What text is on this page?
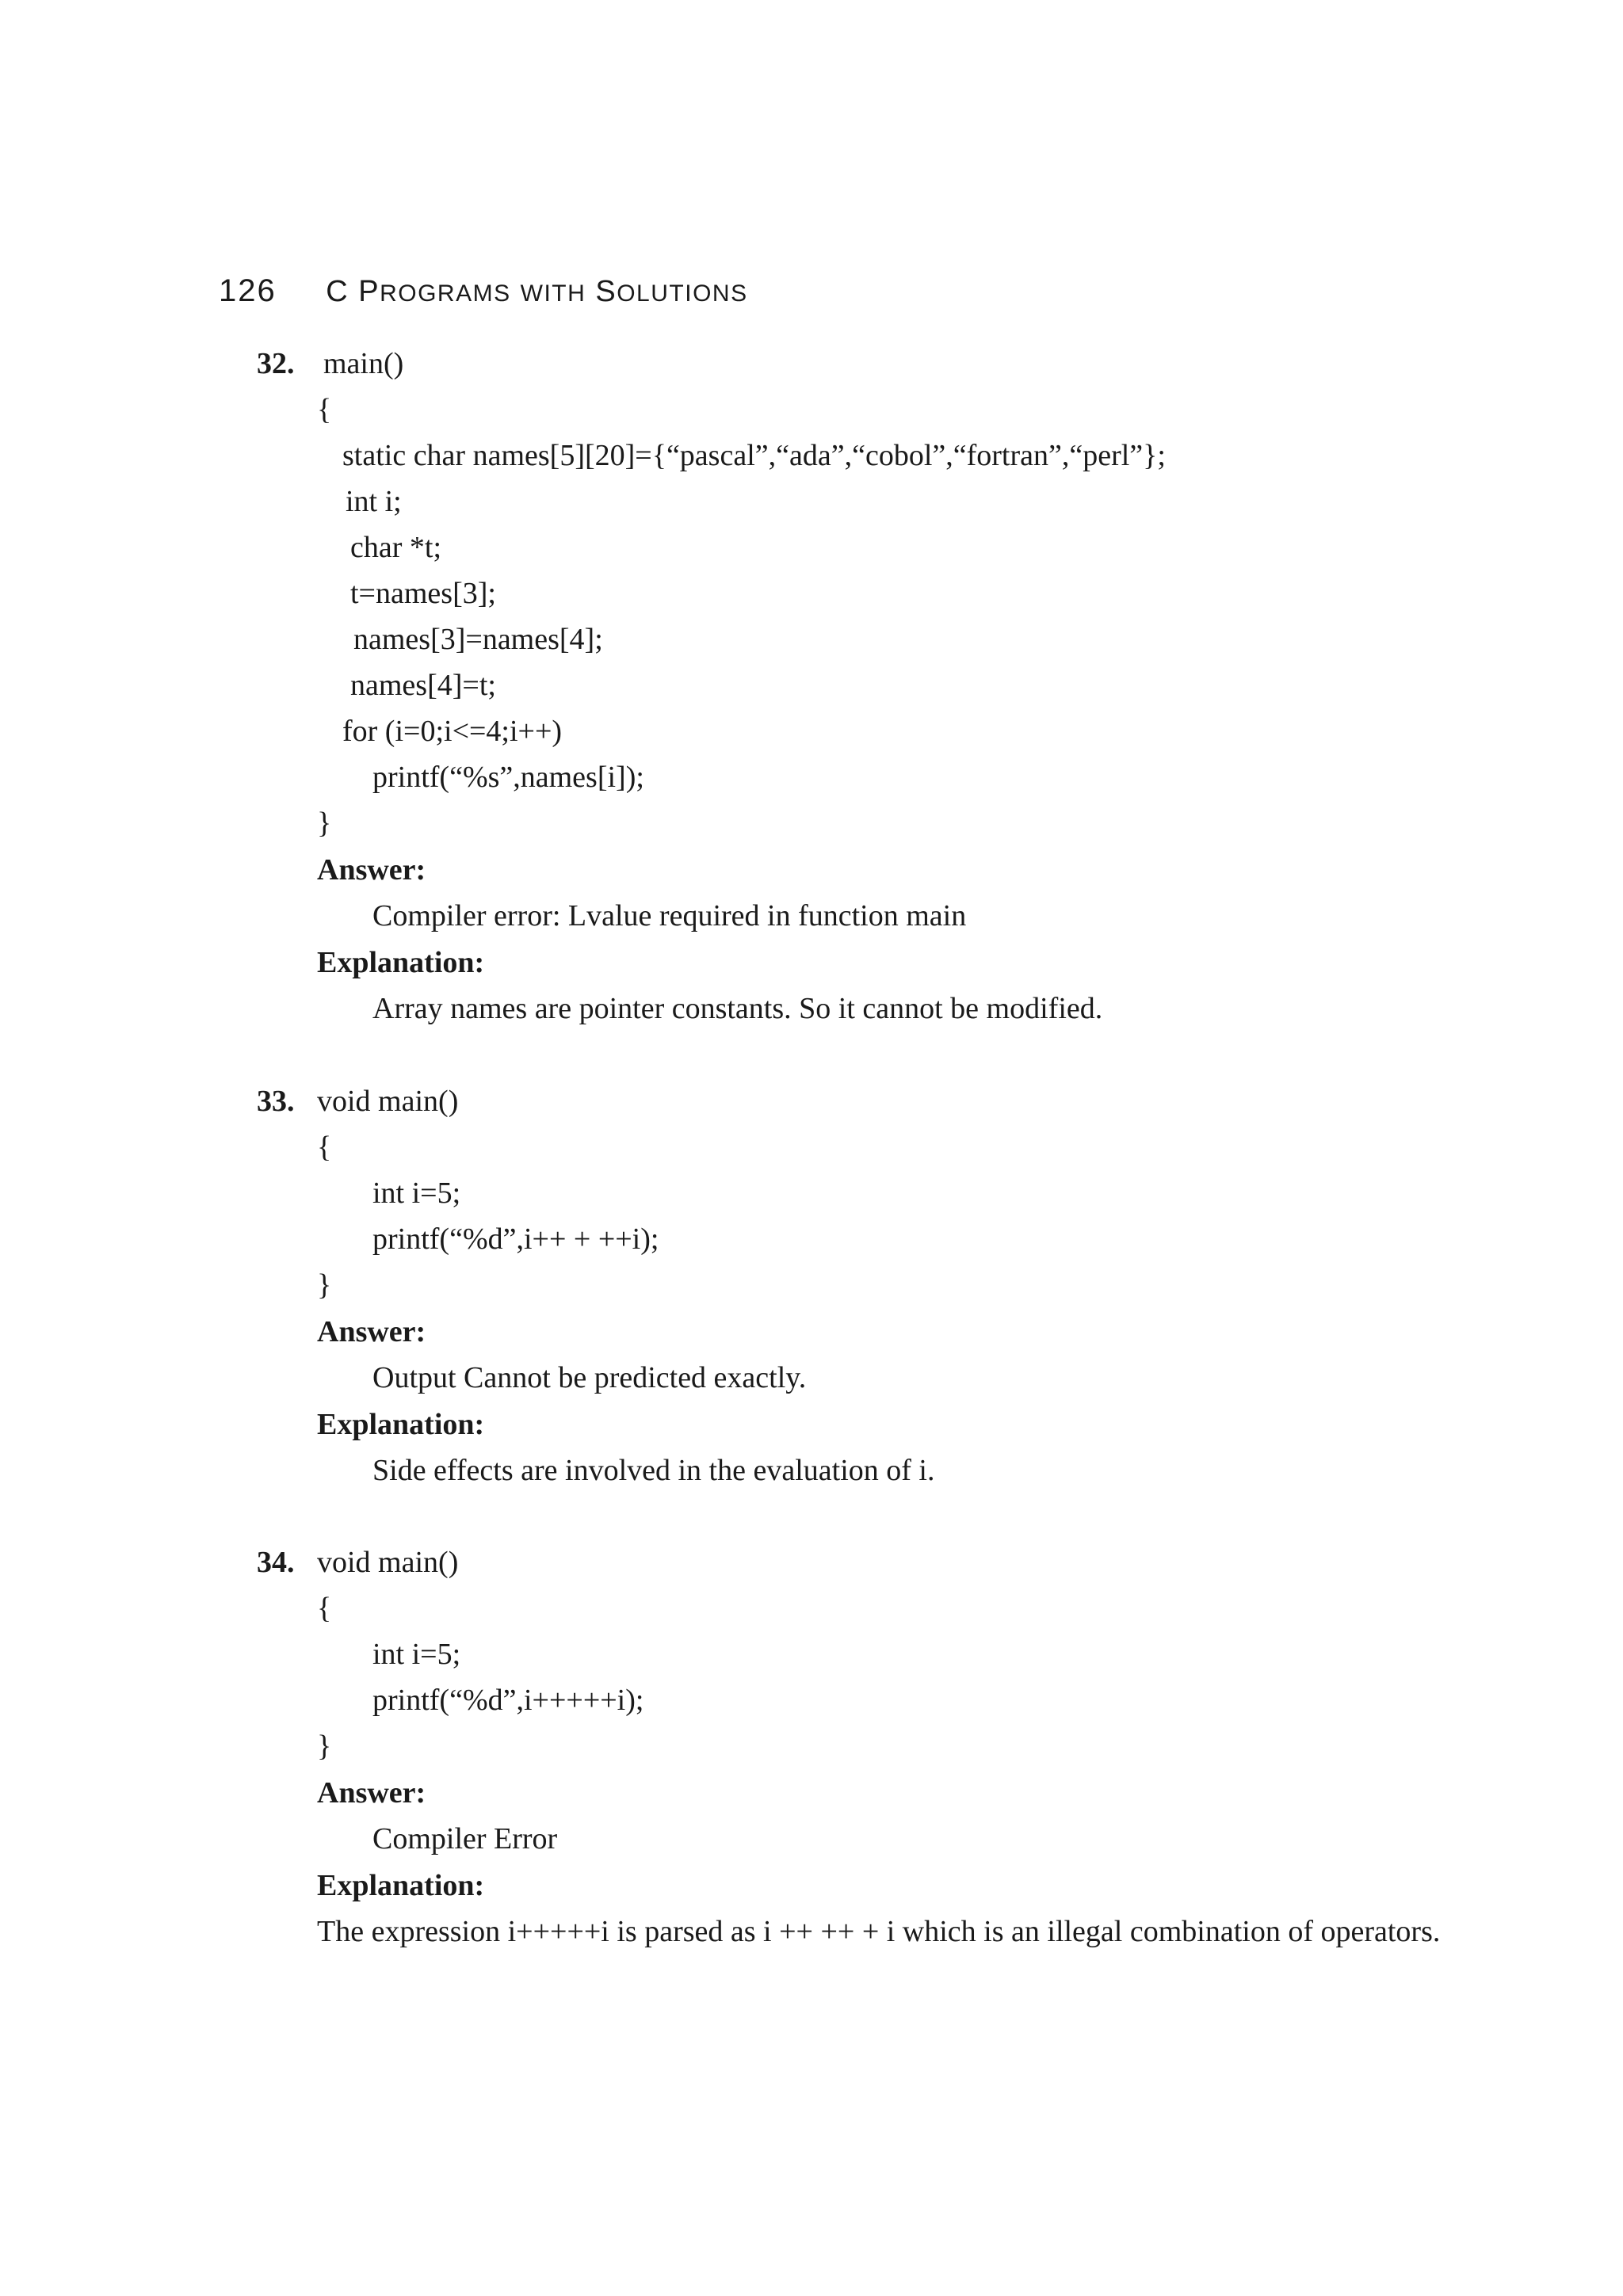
126 C PROGRAMS WITH SOLUTIONS
32. main()
{
static char names[5][20]={“pascal”,“ada”,“cobol”,“fortran”,“perl”};
int i;
char *t;
t=names[3];
names[3]=names[4];
names[4]=t;
for (i=0;i<=4;i++)
printf(“%s”,names[i]);
}
Answer:
Compiler error: Lvalue required in function main
Explanation:
Array names are pointer constants. So it cannot be modified.
33. void main()
{
int i=5;
printf(“%d”,i++ + ++i);
}
Answer:
Output Cannot be predicted exactly.
Explanation:
Side effects are involved in the evaluation of i.
34. void main()
{
int i=5;
printf(“%d”,i+++++i);
}
Answer:
Compiler Error
Explanation:
The expression i+++++i is parsed as i ++ ++ + i which is an illegal combination of operators.
